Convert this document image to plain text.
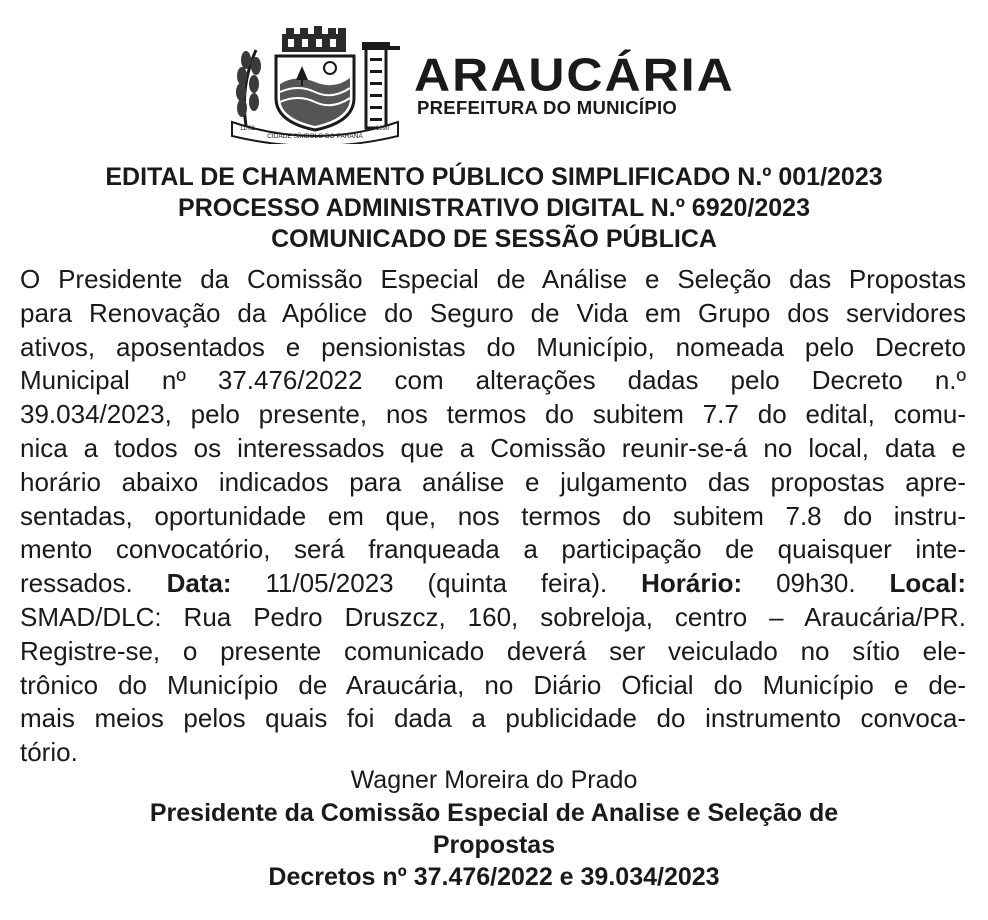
CIDADE SÍMBOLO DO PARANÁ
11/02	1890
ARAUCÁRIA
PREFEITURA DO MUNICÍPIO
EDITAL DE CHAMAMENTO PÚBLICO SIMPLIFICADO N.º 001/2023
PROCESSO ADMINISTRATIVO DIGITAL N.º 6920/2023
COMUNICADO DE SESSÃO PÚBLICA
O Presidente da Comissão Especial de Análise e Seleção das Propostas
para Renovação da Apólice do Seguro de Vida em Grupo dos servidores
ativos, aposentados e pensionistas do Município, nomeada pelo Decreto
Municipal nº 37.476/2022 com alterações dadas pelo Decreto n.º
39.034/2023, pelo presente, nos termos do subitem 7.7 do edital, comu-
nica a todos os interessados que a Comissão reunir-se-á no local, data e
horário abaixo indicados para análise e julgamento das propostas apre-
sentadas, oportunidade em que, nos termos do subitem 7.8 do instru-
mento convocatório, será franqueada a participação de quaisquer inte-
ressados. Data: 11/05/2023 (quinta feira). Horário: 09h30. Local:
SMAD/DLC: Rua Pedro Druszcz, 160, sobreloja, centro – Araucária/PR.
Registre-se, o presente comunicado deverá ser veiculado no sítio ele-
trônico do Município de Araucária, no Diário Oficial do Município e de-
mais meios pelos quais foi dada a publicidade do instrumento convoca-
tório.
Wagner Moreira do Prado
Presidente da Comissão Especial de Analise e Seleção de
Propostas
Decretos nº 37.476/2022 e 39.034/2023
